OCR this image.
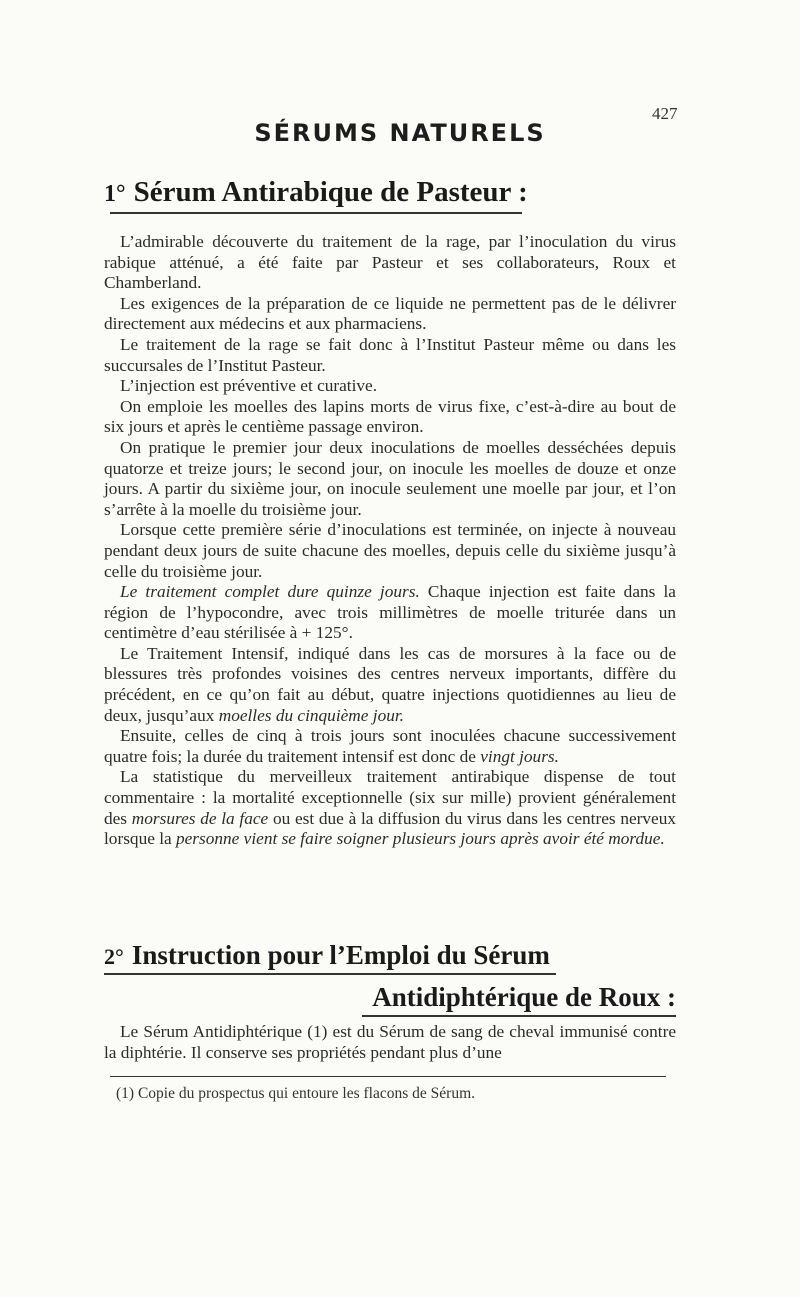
427
SÉRUMS NATURELS
1° Sérum Antirabique de Pasteur :

L’admirable découverte du traitement de la rage, par l’inoculation du virus rabique atténué, a été faite par Pasteur et ses collaborateurs, Roux et Chamberland.

Les exigences de la préparation de ce liquide ne permettent pas de le délivrer directement aux médecins et aux pharmaciens.

Le traitement de la rage se fait donc à l’Institut Pasteur même ou dans les succursales de l’Institut Pasteur.

L’injection est préventive et curative.

On emploie les moelles des lapins morts de virus fixe, c’est-à-dire au bout de six jours et après le centième passage environ.

On pratique le premier jour deux inoculations de moelles desséchées depuis quatorze et treize jours; le second jour, on inocule les moelles de douze et onze jours. A partir du sixième jour, on inocule seulement une moelle par jour, et l’on s’arrête à la moelle du troisième jour.

Lorsque cette première série d’inoculations est terminée, on injecte à nouveau pendant deux jours de suite chacune des moelles, depuis celle du sixième jusqu’à celle du troisième jour.

Le traitement complet dure quinze jours. Chaque injection est faite dans la région de l’hypocondre, avec trois millimètres de moelle triturée dans un centimètre d’eau stérilisée à + 125°.

Le Traitement Intensif, indiqué dans les cas de morsures à la face ou de blessures très profondes voisines des centres nerveux importants, diffère du précédent, en ce qu’on fait au début, quatre injections quotidiennes au lieu de deux, jusqu’aux moelles du cinquième jour.

Ensuite, celles de cinq à trois jours sont inoculées chacune successivement quatre fois; la durée du traitement intensif est donc de vingt jours.

La statistique du merveilleux traitement antirabique dispense de tout commentaire : la mortalité exceptionnelle (six sur mille) provient généralement des morsures de la face ou est due à la diffusion du virus dans les centres nerveux lorsque la personne vient se faire soigner plusieurs jours après avoir été mordue.

2° Instruction pour l’Emploi du Sérum
Antidiphtérique de Roux :

Le Sérum Antidiphtérique (1) est du Sérum de sang de cheval immunisé contre la diphtérie. Il conserve ses propriétés pendant plus d’une

(1) Copie du prospectus qui entoure les flacons de Sérum.
